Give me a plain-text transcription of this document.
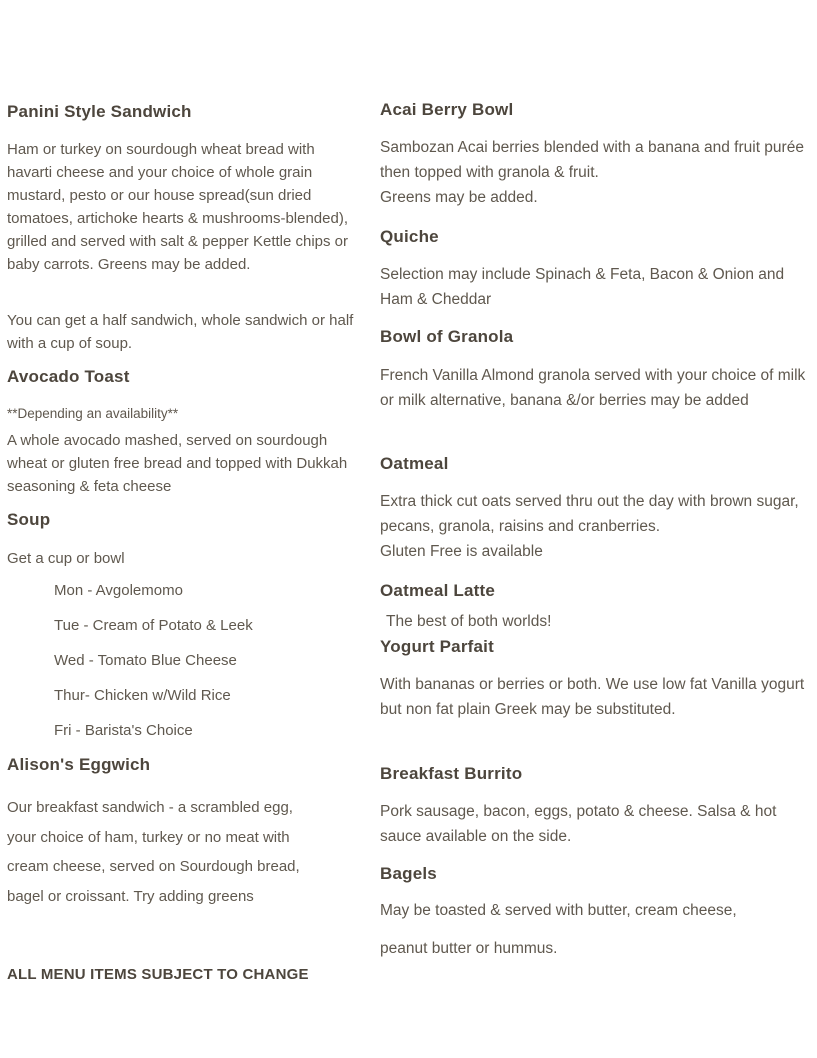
Panini Style Sandwich

Ham or turkey on sourdough wheat bread with havarti cheese and your choice of whole grain mustard, pesto or our house spread(sun dried tomatoes, artichoke hearts & mushrooms-blended), grilled and served with salt & pepper Kettle chips or baby carrots. Greens may be added.

You can get a half sandwich, whole sandwich or half with a cup of soup.

Avocado Toast

**Depending an availability**

A whole avocado mashed, served on sourdough wheat or gluten free bread and topped with Dukkah seasoning & feta cheese

Soup

Get a cup or bowl

Mon - Avgolemomo

Tue - Cream of Potato & Leek

Wed - Tomato Blue Cheese

Thur- Chicken w/Wild Rice

Fri - Barista's Choice

Alison's Eggwich

Our breakfast sandwich - a scrambled egg,

your choice of ham, turkey or no meat with

cream cheese, served on Sourdough bread,

bagel or croissant. Try adding greens

Acai Berry Bowl

Sambozan Acai berries blended with a banana and fruit purée then topped with granola & fruit.

Greens may be added.

Quiche

Selection may include Spinach & Feta, Bacon & Onion and Ham & Cheddar

Bowl of Granola

French Vanilla Almond granola served with your choice of milk or milk alternative, banana &/or berries may be added

Oatmeal

Extra thick cut oats served thru out the day with brown sugar, pecans, granola, raisins and cranberries.

Gluten Free is available

Oatmeal Latte

The best of both worlds!

Yogurt Parfait

With bananas or berries or both. We use low fat Vanilla yogurt but non fat plain Greek may be substituted.

Breakfast Burrito

Pork sausage, bacon, eggs, potato & cheese. Salsa & hot sauce available on the side.

Bagels

May be toasted & served with butter, cream cheese,

peanut butter or hummus.

ALL MENU ITEMS SUBJECT TO CHANGE
